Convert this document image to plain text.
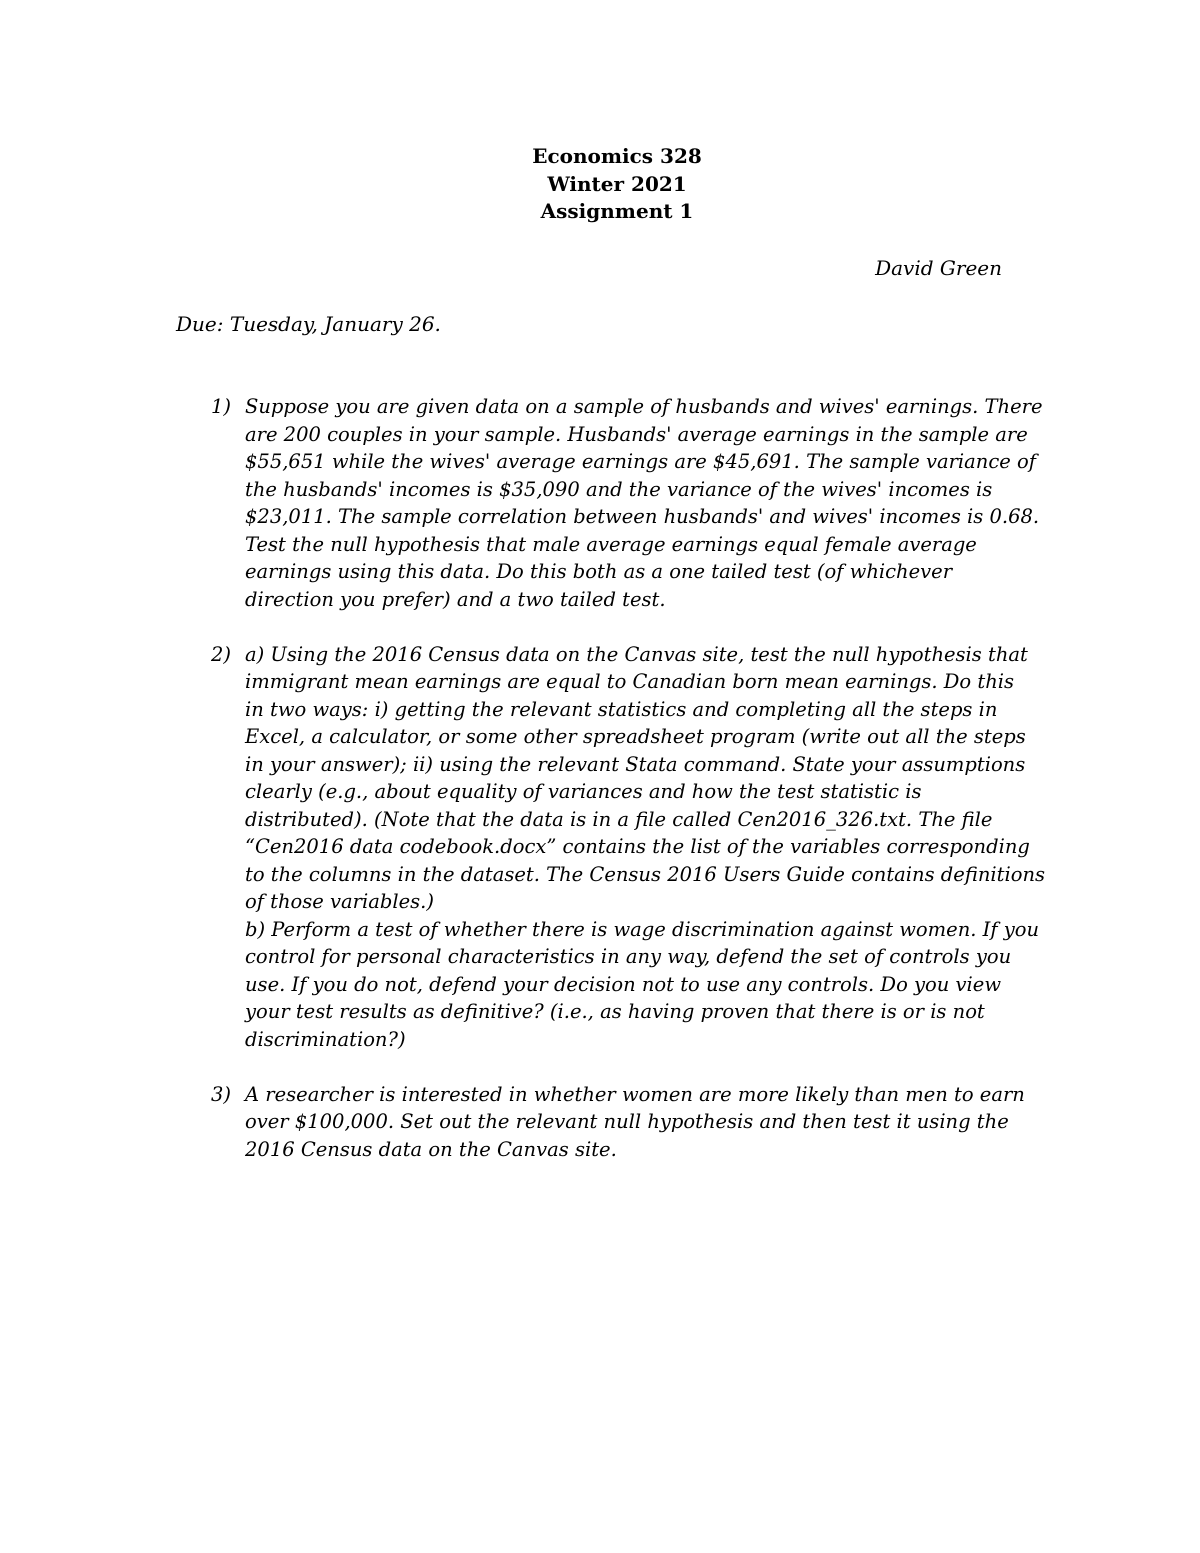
Economics 328
Winter 2021
Assignment 1
David Green
Due: Tuesday, January 26.
1) Suppose you are given data on a sample of husbands and wives' earnings. There
are 200 couples in your sample. Husbands' average earnings in the sample are
$55,651 while the wives' average earnings are $45,691. The sample variance of
the husbands' incomes is $35,090 and the variance of the wives' incomes is
$23,011. The sample correlation between husbands' and wives' incomes is 0.68.
Test the null hypothesis that male average earnings equal female average
earnings using this data. Do this both as a one tailed test (of whichever
direction you prefer) and a two tailed test.
2) a) Using the 2016 Census data on the Canvas site, test the null hypothesis that
immigrant mean earnings are equal to Canadian born mean earnings. Do this
in two ways: i) getting the relevant statistics and completing all the steps in
Excel, a calculator, or some other spreadsheet program (write out all the steps
in your answer); ii) using the relevant Stata command. State your assumptions
clearly (e.g., about equality of variances and how the test statistic is
distributed). (Note that the data is in a file called Cen2016_326.txt. The file
“Cen2016 data codebook.docx” contains the list of the variables corresponding
to the columns in the dataset. The Census 2016 Users Guide contains definitions
of those variables.)
b) Perform a test of whether there is wage discrimination against women. If you
control for personal characteristics in any way, defend the set of controls you
use. If you do not, defend your decision not to use any controls. Do you view
your test results as definitive? (i.e., as having proven that there is or is not
discrimination?)
3) A researcher is interested in whether women are more likely than men to earn
over $100,000. Set out the relevant null hypothesis and then test it using the
2016 Census data on the Canvas site.
